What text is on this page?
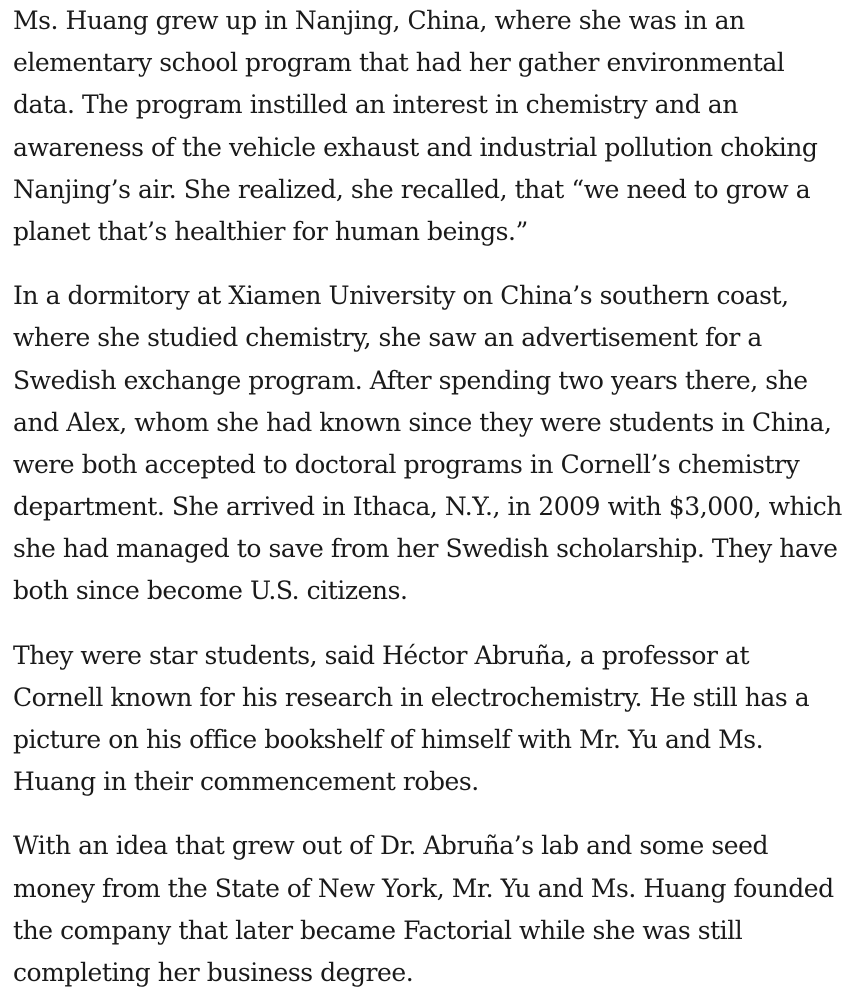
Ms. Huang grew up in Nanjing, China, where she was in an
elementary school program that had her gather environmental
data. The program instilled an interest in chemistry and an
awareness of the vehicle exhaust and industrial pollution choking
Nanjing’s air. She realized, she recalled, that “we need to grow a
planet that’s healthier for human beings.”

In a dormitory at Xiamen University on China’s southern coast,
where she studied chemistry, she saw an advertisement for a
Swedish exchange program. After spending two years there, she
and Alex, whom she had known since they were students in China,
were both accepted to doctoral programs in Cornell’s chemistry
department. She arrived in Ithaca, N.Y., in 2009 with $3,000, which
she had managed to save from her Swedish scholarship. They have
both since become U.S. citizens.

They were star students, said Héctor Abruña, a professor at
Cornell known for his research in electrochemistry. He still has a
picture on his office bookshelf of himself with Mr. Yu and Ms.
Huang in their commencement robes.

With an idea that grew out of Dr. Abruña’s lab and some seed
money from the State of New York, Mr. Yu and Ms. Huang founded
the company that later became Factorial while she was still
completing her business degree.
